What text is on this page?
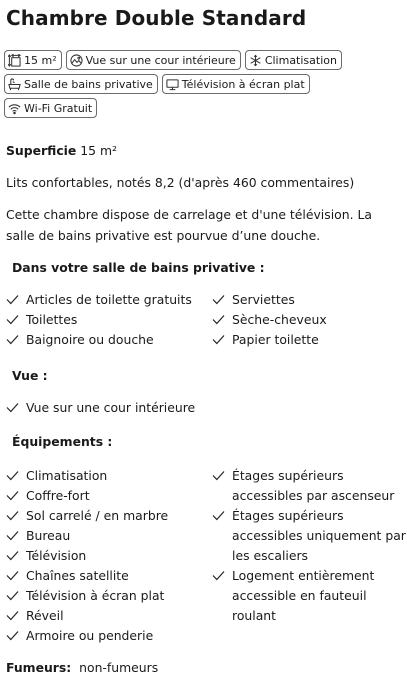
Chambre Double Standard
15 m²	Vue sur une cour intérieure	Climatisation
Salle de bains privative	Télévision à écran plat
Wi-Fi Gratuit
Superficie 15 m²
Lits confortables, notés 8,2 (d'après 460 commentaires)
Cette chambre dispose de carrelage et d'une télévision. La salle de bains privative est pourvue d’une douche.
Dans votre salle de bains privative :
Articles de toilette gratuits
Toilettes
Baignoire ou douche
Serviettes
Sèche-cheveux
Papier toilette
Vue :
Vue sur une cour intérieure
Équipements :
Climatisation
Coffre-fort
Sol carrelé / en marbre
Bureau
Télévision
Chaînes satellite
Télévision à écran plat
Réveil
Armoire ou penderie
Étages supérieurs
accessibles par ascenseur
Étages supérieurs
accessibles uniquement par
les escaliers
Logement entièrement
accessible en fauteuil
roulant
Fumeurs: non-fumeurs
